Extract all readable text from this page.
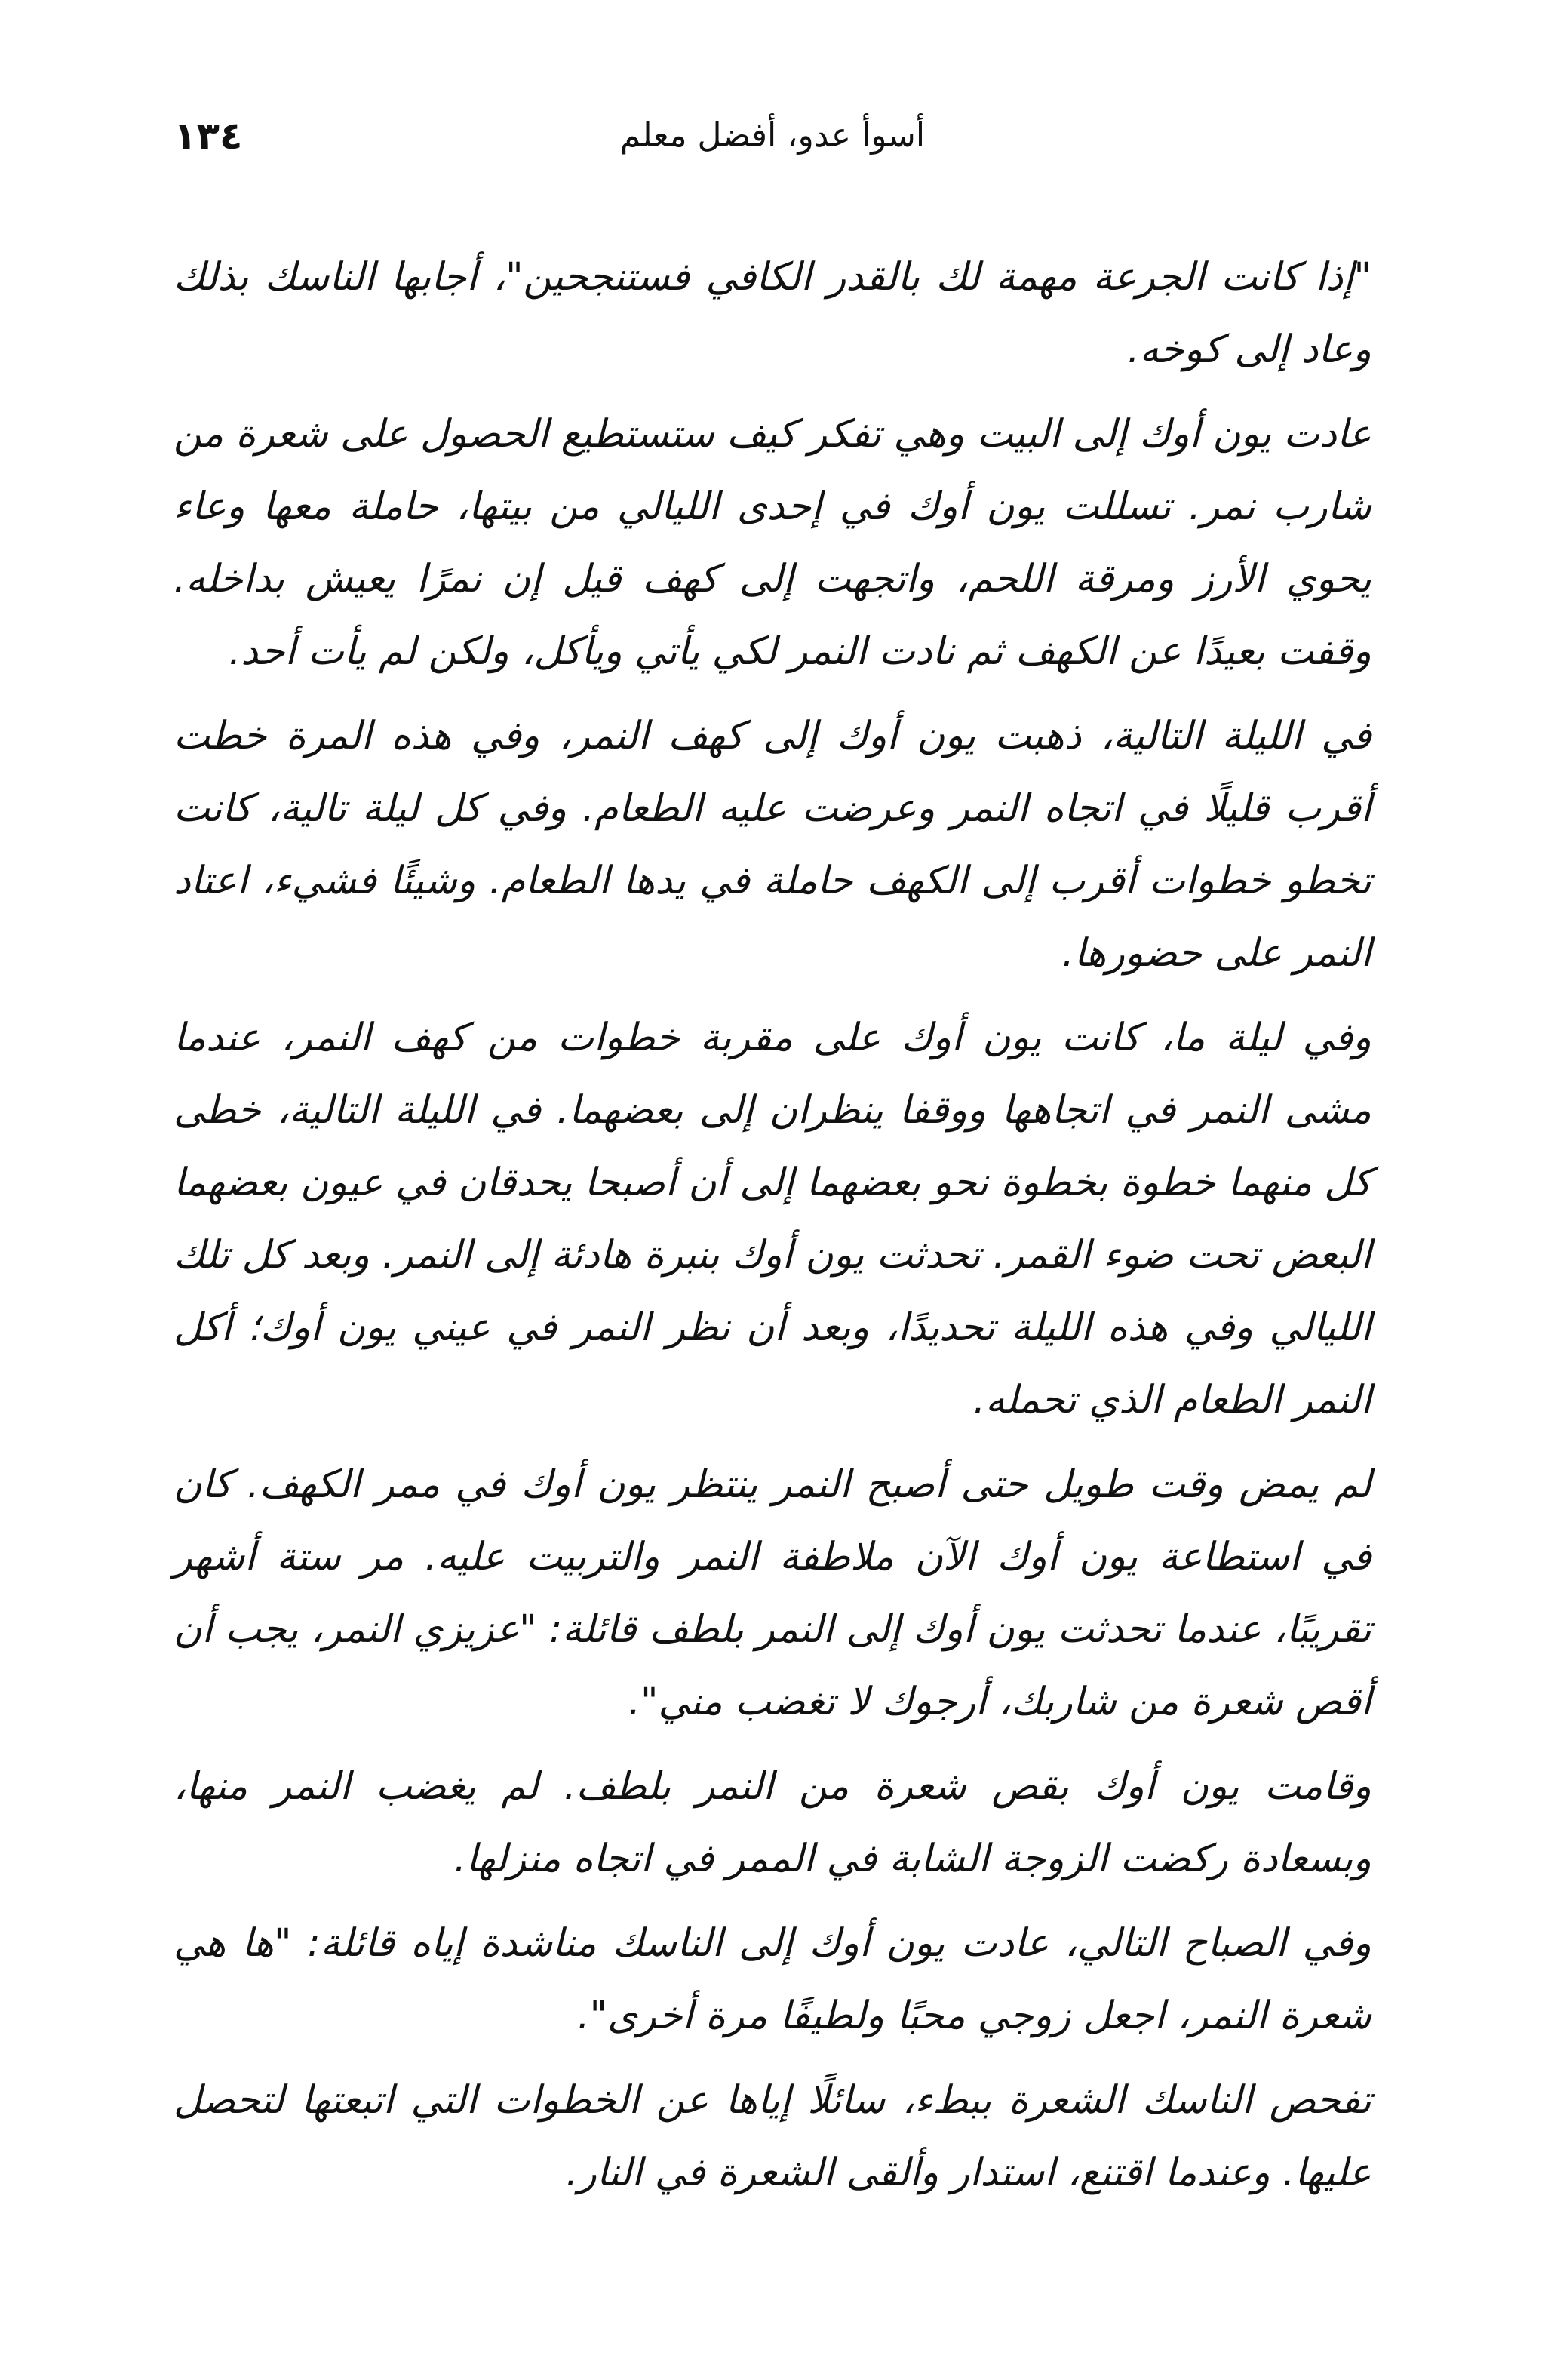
١٣٤	أسوأ عدو، أفضل معلم

"إذا كانت الجرعة مهمة لك بالقدر الكافي فستنجحين"، أجابها الناسك بذلك وعاد إلى كوخه.

عادت يون أوك إلى البيت وهي تفكر كيف ستستطيع الحصول على شعرة من شارب نمر. تسللت يون أوك في إحدى الليالي من بيتها، حاملة معها وعاء يحوي الأرز ومرقة اللحم، واتجهت إلى كهف قيل إن نمرًا يعيش بداخله. وقفت بعيدًا عن الكهف ثم نادت النمر لكي يأتي ويأكل، ولكن لم يأت أحد.

في الليلة التالية، ذهبت يون أوك إلى كهف النمر، وفي هذه المرة خطت أقرب قليلًا في اتجاه النمر وعرضت عليه الطعام. وفي كل ليلة تالية، كانت تخطو خطوات أقرب إلى الكهف حاملة في يدها الطعام. وشيئًا فشيء، اعتاد النمر على حضورها.

وفي ليلة ما، كانت يون أوك على مقربة خطوات من كهف النمر، عندما مشى النمر في اتجاهها ووقفا ينظران إلى بعضهما. في الليلة التالية، خطى كل منهما خطوة بخطوة نحو بعضهما إلى أن أصبحا يحدقان في عيون بعضهما البعض تحت ضوء القمر. تحدثت يون أوك بنبرة هادئة إلى النمر. وبعد كل تلك الليالي وفي هذه الليلة تحديدًا، وبعد أن نظر النمر في عيني يون أوك؛ أكل النمر الطعام الذي تحمله.

لم يمض وقت طويل حتى أصبح النمر ينتظر يون أوك في ممر الكهف. كان في استطاعة يون أوك الآن ملاطفة النمر والتربيت عليه. مر ستة أشهر تقريبًا، عندما تحدثت يون أوك إلى النمر بلطف قائلة: "عزيزي النمر، يجب أن أقص شعرة من شاربك، أرجوك لا تغضب مني".

وقامت يون أوك بقص شعرة من النمر بلطف. لم يغضب النمر منها، وبسعادة ركضت الزوجة الشابة في الممر في اتجاه منزلها.

وفي الصباح التالي، عادت يون أوك إلى الناسك مناشدة إياه قائلة: "ها هي شعرة النمر، اجعل زوجي محبًا ولطيفًا مرة أخرى".

تفحص الناسك الشعرة ببطء، سائلًا إياها عن الخطوات التي اتبعتها لتحصل عليها. وعندما اقتنع، استدار وألقى الشعرة في النار.
